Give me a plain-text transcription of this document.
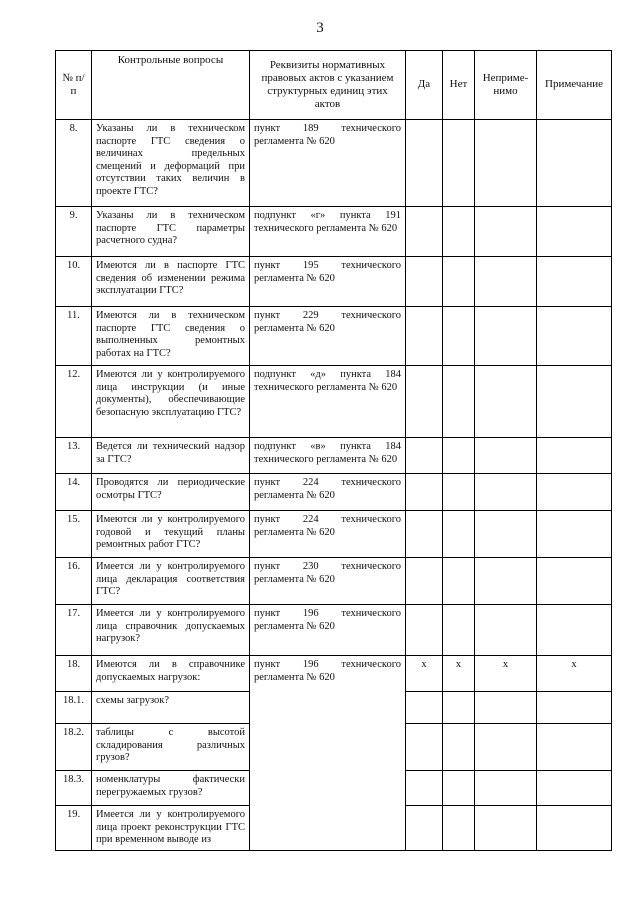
3
№ п/п	Контрольные вопросы	Реквизиты нормативных правовых актов с указанием структурных единиц этих актов	Да	Нет	Непримe-нимо	Примечание
8.	Указаны ли в техническом паспорте ГТС сведения о величинах предельных смещений и деформаций при отсутствии таких величин в проекте ГТС?	пункт 189 технического регламента № 620				
9.	Указаны ли в техническом паспорте ГТС параметры расчетного судна?	подпункт «г» пункта 191 технического регламента № 620				
10.	Имеются ли в паспорте ГТС сведения об изменении режима эксплуатации ГТС?	пункт 195 технического регламента № 620				
11.	Имеются ли в техническом паспорте ГТС сведения о выполненных ремонтных работах на ГТС?	пункт 229 технического регламента № 620				
12.	Имеются ли у контролируемого лица инструкции (и иные документы), обеспечивающие безопасную эксплуатацию ГТС?	подпункт «д» пункта 184 технического регламента № 620				
13.	Ведется ли технический надзор за ГТС?	подпункт «в» пункта 184 технического регламента № 620				
14.	Проводятся ли периодические осмотры ГТС?	пункт 224 технического регламента № 620				
15.	Имеются ли у контролируемого годовой и текущий планы ремонтных работ ГТС?	пункт 224 технического регламента № 620				
16.	Имеется ли у контролируемого лица декларация соответствия ГТС?	пункт 230 технического регламента № 620				
17.	Имеется ли у контролируемого лица справочник допускаемых нагрузок?	пункт 196 технического регламента № 620				
18.	Имеются ли в справочнике допускаемых нагрузок:	пункт 196 технического регламента № 620	x	x	x	x
18.1.	схемы загрузок?					
18.2.	таблицы с высотой складирования различных грузов?					
18.3.	номенклатуры фактически перегружаемых грузов?					
19.	Имеется ли у контролируемого лица проект реконструкции ГТС при временном выводе из					
